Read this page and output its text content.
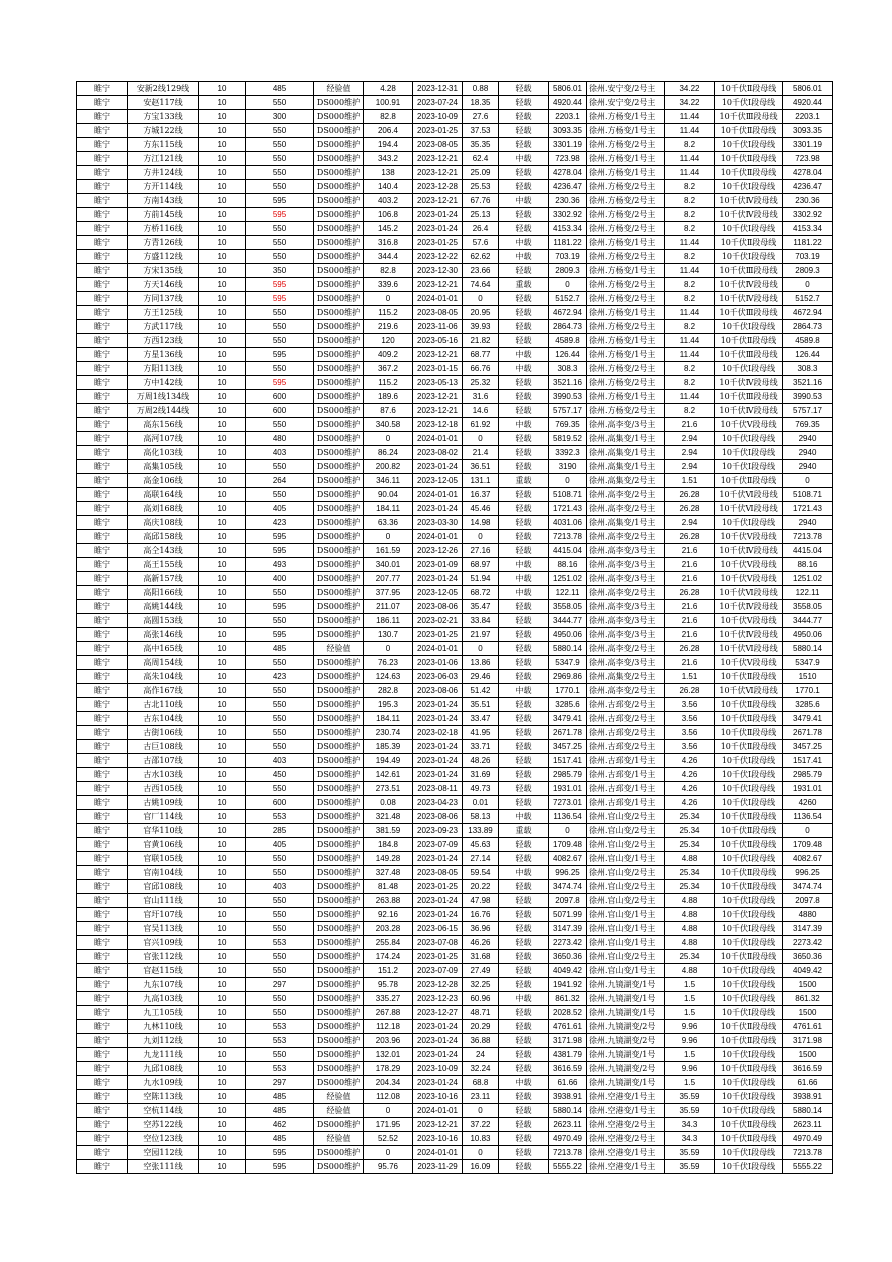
睢宁	安新2线129线	10	485	经验值	4.28	2023-12-31	0.88	轻载	5806.01	徐州.安宁变/2号主	34.22	10千伏Ⅱ段母线	5806.01
睢宁	安赵117线	10	550	DS000维护	100.91	2023-07-24	18.35	轻载	4920.44	徐州.安宁变/2号主	34.22	10千伏Ⅰ段母线	4920.44
睢宁	方宝133线	10	300	DS000维护	82.8	2023-10-09	27.6	轻载	2203.1	徐州.方杨变/1号主	11.44	10千伏Ⅲ段母线	2203.1
睢宁	方城122线	10	550	DS000维护	206.4	2023-01-25	37.53	轻载	3093.35	徐州.方杨变/1号主	11.44	10千伏Ⅱ段母线	3093.35
睢宁	方东115线	10	550	DS000维护	194.4	2023-08-05	35.35	轻载	3301.19	徐州.方杨变/2号主	8.2	10千伏Ⅰ段母线	3301.19
睢宁	方江121线	10	550	DS000维护	343.2	2023-12-21	62.4	中载	723.98	徐州.方杨变/1号主	11.44	10千伏Ⅱ段母线	723.98
睢宁	方井124线	10	550	DS000维护	138	2023-12-21	25.09	轻载	4278.04	徐州.方杨变/1号主	11.44	10千伏Ⅱ段母线	4278.04
睢宁	方开114线	10	550	DS000维护	140.4	2023-12-28	25.53	轻载	4236.47	徐州.方杨变/2号主	8.2	10千伏Ⅰ段母线	4236.47
睢宁	方南143线	10	595	DS000维护	403.2	2023-12-21	67.76	中载	230.36	徐州.方杨变/2号主	8.2	10千伏Ⅳ段母线	230.36
睢宁	方前145线	10	595	DS000维护	106.8	2023-01-24	25.13	轻载	3302.92	徐州.方杨变/2号主	8.2	10千伏Ⅳ段母线	3302.92
睢宁	方桥116线	10	550	DS000维护	145.2	2023-01-24	26.4	轻载	4153.34	徐州.方杨变/2号主	8.2	10千伏Ⅰ段母线	4153.34
睢宁	方青126线	10	550	DS000维护	316.8	2023-01-25	57.6	中载	1181.22	徐州.方杨变/1号主	11.44	10千伏Ⅱ段母线	1181.22
睢宁	方盛112线	10	550	DS000维护	344.4	2023-12-22	62.62	中载	703.19	徐州.方杨变/2号主	8.2	10千伏Ⅰ段母线	703.19
睢宁	方宋135线	10	350	DS000维护	82.8	2023-12-30	23.66	轻载	2809.3	徐州.方杨变/1号主	11.44	10千伏Ⅲ段母线	2809.3
睢宁	方天146线	10	595	DS000维护	339.6	2023-12-21	74.64	重载	0	徐州.方杨变/2号主	8.2	10千伏Ⅳ段母线	0
睢宁	方同137线	10	595	DS000维护	0	2024-01-01	0	轻载	5152.7	徐州.方杨变/2号主	8.2	10千伏Ⅳ段母线	5152.7
睢宁	方王125线	10	550	DS000维护	115.2	2023-08-05	20.95	轻载	4672.94	徐州.方杨变/1号主	11.44	10千伏Ⅲ段母线	4672.94
睢宁	方武117线	10	550	DS000维护	219.6	2023-11-06	39.93	轻载	2864.73	徐州.方杨变/2号主	8.2	10千伏Ⅰ段母线	2864.73
睢宁	方西123线	10	550	DS000维护	120	2023-05-16	21.82	轻载	4589.8	徐州.方杨变/1号主	11.44	10千伏Ⅱ段母线	4589.8
睢宁	方星136线	10	595	DS000维护	409.2	2023-12-21	68.77	中载	126.44	徐州.方杨变/1号主	11.44	10千伏Ⅲ段母线	126.44
睢宁	方阳113线	10	550	DS000维护	367.2	2023-01-15	66.76	中载	308.3	徐州.方杨变/2号主	8.2	10千伏Ⅰ段母线	308.3
睢宁	方中142线	10	595	DS000维护	115.2	2023-05-13	25.32	轻载	3521.16	徐州.方杨变/2号主	8.2	10千伏Ⅳ段母线	3521.16
睢宁	万周1线134线	10	600	DS000维护	189.6	2023-12-21	31.6	轻载	3990.53	徐州.方杨变/1号主	11.44	10千伏Ⅲ段母线	3990.53
睢宁	万周2线144线	10	600	DS000维护	87.6	2023-12-21	14.6	轻载	5757.17	徐州.方杨变/2号主	8.2	10千伏Ⅳ段母线	5757.17
睢宁	高东156线	10	550	DS000维护	340.58	2023-12-18	61.92	中载	769.35	徐州.高李变/3号主	21.6	10千伏Ⅴ段母线	769.35
睢宁	高河107线	10	480	DS000维护	0	2024-01-01	0	轻载	5819.52	徐州.高集变/1号主	2.94	10千伏Ⅰ段母线	2940
睢宁	高化103线	10	403	DS000维护	86.24	2023-08-02	21.4	轻载	3392.3	徐州.高集变/1号主	2.94	10千伏Ⅰ段母线	2940
睢宁	高集105线	10	550	DS000维护	200.82	2023-01-24	36.51	轻载	3190	徐州.高集变/1号主	2.94	10千伏Ⅰ段母线	2940
睢宁	高金106线	10	264	DS000维护	346.11	2023-12-05	131.1	重载	0	徐州.高集变/2号主	1.51	10千伏Ⅱ段母线	0
睢宁	高联164线	10	550	DS000维护	90.04	2024-01-01	16.37	轻载	5108.71	徐州.高李变/2号主	26.28	10千伏Ⅵ段母线	5108.71
睢宁	高刘168线	10	405	DS000维护	184.11	2023-01-24	45.46	轻载	1721.43	徐州.高李变/2号主	26.28	10千伏Ⅵ段母线	1721.43
睢宁	高庆108线	10	423	DS000维护	63.36	2023-03-30	14.98	轻载	4031.06	徐州.高集变/1号主	2.94	10千伏Ⅰ段母线	2940
睢宁	高邱158线	10	595	DS000维护	0	2024-01-01	0	轻载	7213.78	徐州.高李变/2号主	26.28	10千伏Ⅴ段母线	7213.78
睢宁	高仝143线	10	595	DS000维护	161.59	2023-12-26	27.16	轻载	4415.04	徐州.高李变/3号主	21.6	10千伏Ⅳ段母线	4415.04
睢宁	高王155线	10	493	DS000维护	340.01	2023-01-09	68.97	中载	88.16	徐州.高李变/3号主	21.6	10千伏Ⅴ段母线	88.16
睢宁	高新157线	10	400	DS000维护	207.77	2023-01-24	51.94	中载	1251.02	徐州.高李变/3号主	21.6	10千伏Ⅴ段母线	1251.02
睢宁	高阳166线	10	550	DS000维护	377.95	2023-12-05	68.72	中载	122.11	徐州.高李变/2号主	26.28	10千伏Ⅵ段母线	122.11
睢宁	高姚144线	10	595	DS000维护	211.07	2023-08-06	35.47	轻载	3558.05	徐州.高李变/3号主	21.6	10千伏Ⅳ段母线	3558.05
睢宁	高圆153线	10	550	DS000维护	186.11	2023-02-21	33.84	轻载	3444.77	徐州.高李变/3号主	21.6	10千伏Ⅴ段母线	3444.77
睢宁	高张146线	10	595	DS000维护	130.7	2023-01-25	21.97	轻载	4950.06	徐州.高李变/3号主	21.6	10千伏Ⅳ段母线	4950.06
睢宁	高中165线	10	485	经验值	0	2024-01-01	0	轻载	5880.14	徐州.高李变/2号主	26.28	10千伏Ⅵ段母线	5880.14
睢宁	高周154线	10	550	DS000维护	76.23	2023-01-06	13.86	轻载	5347.9	徐州.高李变/3号主	21.6	10千伏Ⅴ段母线	5347.9
睢宁	高朱104线	10	423	DS000维护	124.63	2023-06-03	29.46	轻载	2969.86	徐州.高集变/2号主	1.51	10千伏Ⅱ段母线	1510
睢宁	高作167线	10	550	DS000维护	282.8	2023-08-06	51.42	中载	1770.1	徐州.高李变/2号主	26.28	10千伏Ⅵ段母线	1770.1
睢宁	古北110线	10	550	DS000维护	195.3	2023-01-24	35.51	轻载	3285.6	徐州.古邳变/2号主	3.56	10千伏Ⅱ段母线	3285.6
睢宁	古东104线	10	550	DS000维护	184.11	2023-01-24	33.47	轻载	3479.41	徐州.古邳变/2号主	3.56	10千伏Ⅱ段母线	3479.41
睢宁	古街106线	10	550	DS000维护	230.74	2023-02-18	41.95	轻载	2671.78	徐州.古邳变/2号主	3.56	10千伏Ⅱ段母线	2671.78
睢宁	古巨108线	10	550	DS000维护	185.39	2023-01-24	33.71	轻载	3457.25	徐州.古邳变/2号主	3.56	10千伏Ⅱ段母线	3457.25
睢宁	古邵107线	10	403	DS000维护	194.49	2023-01-24	48.26	轻载	1517.41	徐州.古邳变/1号主	4.26	10千伏Ⅰ段母线	1517.41
睢宁	古水103线	10	450	DS000维护	142.61	2023-01-24	31.69	轻载	2985.79	徐州.古邳变/1号主	4.26	10千伏Ⅰ段母线	2985.79
睢宁	古西105线	10	550	DS000维护	273.51	2023-08-11	49.73	轻载	1931.01	徐州.古邳变/1号主	4.26	10千伏Ⅰ段母线	1931.01
睢宁	古姚109线	10	600	DS000维护	0.08	2023-04-23	0.01	轻载	7273.01	徐州.古邳变/1号主	4.26	10千伏Ⅰ段母线	4260
睢宁	官厂114线	10	553	DS000维护	321.48	2023-08-06	58.13	中载	1136.54	徐州.官山变/2号主	25.34	10千伏Ⅱ段母线	1136.54
睢宁	官华110线	10	285	DS000维护	381.59	2023-09-23	133.89	重载	0	徐州.官山变/2号主	25.34	10千伏Ⅱ段母线	0
睢宁	官黄106线	10	405	DS000维护	184.8	2023-07-09	45.63	轻载	1709.48	徐州.官山变/2号主	25.34	10千伏Ⅱ段母线	1709.48
睢宁	官联105线	10	550	DS000维护	149.28	2023-01-24	27.14	轻载	4082.67	徐州.官山变/1号主	4.88	10千伏Ⅰ段母线	4082.67
睢宁	官南104线	10	550	DS000维护	327.48	2023-08-05	59.54	中载	996.25	徐州.官山变/2号主	25.34	10千伏Ⅱ段母线	996.25
睢宁	官邱108线	10	403	DS000维护	81.48	2023-01-25	20.22	轻载	3474.74	徐州.官山变/2号主	25.34	10千伏Ⅱ段母线	3474.74
睢宁	官山111线	10	550	DS000维护	263.88	2023-01-24	47.98	轻载	2097.8	徐州.官山变/2号主	4.88	10千伏Ⅰ段母线	2097.8
睢宁	官圩107线	10	550	DS000维护	92.16	2023-01-24	16.76	轻载	5071.99	徐州.官山变/1号主	4.88	10千伏Ⅰ段母线	4880
睢宁	官吴113线	10	550	DS000维护	203.28	2023-06-15	36.96	轻载	3147.39	徐州.官山变/1号主	4.88	10千伏Ⅰ段母线	3147.39
睢宁	官兴109线	10	553	DS000维护	255.84	2023-07-08	46.26	轻载	2273.42	徐州.官山变/1号主	4.88	10千伏Ⅰ段母线	2273.42
睢宁	官张112线	10	550	DS000维护	174.24	2023-01-25	31.68	轻载	3650.36	徐州.官山变/2号主	25.34	10千伏Ⅱ段母线	3650.36
睢宁	官赵115线	10	550	DS000维护	151.2	2023-07-09	27.49	轻载	4049.42	徐州.官山变/1号主	4.88	10千伏Ⅰ段母线	4049.42
睢宁	九东107线	10	297	DS000维护	95.78	2023-12-28	32.25	轻载	1941.92	徐州.九镜湖变/1号	1.5	10千伏Ⅰ段母线	1500
睢宁	九高103线	10	550	DS000维护	335.27	2023-12-23	60.96	中载	861.32	徐州.九镜湖变/1号	1.5	10千伏Ⅰ段母线	861.32
睢宁	九工105线	10	550	DS000维护	267.88	2023-12-27	48.71	轻载	2028.52	徐州.九镜湖变/1号	1.5	10千伏Ⅰ段母线	1500
睢宁	九林110线	10	553	DS000维护	112.18	2023-01-24	20.29	轻载	4761.61	徐州.九镜湖变/2号	9.96	10千伏Ⅱ段母线	4761.61
睢宁	九刘112线	10	553	DS000维护	203.96	2023-01-24	36.88	轻载	3171.98	徐州.九镜湖变/2号	9.96	10千伏Ⅱ段母线	3171.98
睢宁	九龙111线	10	550	DS000维护	132.01	2023-01-24	24	轻载	4381.79	徐州.九镜湖变/1号	1.5	10千伏Ⅰ段母线	1500
睢宁	九邱108线	10	553	DS000维护	178.29	2023-10-09	32.24	轻载	3616.59	徐州.九镜湖变/2号	9.96	10千伏Ⅱ段母线	3616.59
睢宁	九水109线	10	297	DS000维护	204.34	2023-01-24	68.8	中载	61.66	徐州.九镜湖变/1号	1.5	10千伏Ⅰ段母线	61.66
睢宁	空陈113线	10	485	经验值	112.08	2023-10-16	23.11	轻载	3938.91	徐州.空港变/1号主	35.59	10千伏Ⅰ段母线	3938.91
睢宁	空杭114线	10	485	经验值	0	2024-01-01	0	轻载	5880.14	徐州.空港变/1号主	35.59	10千伏Ⅰ段母线	5880.14
睢宁	空苏122线	10	462	DS000维护	171.95	2023-12-21	37.22	轻载	2623.11	徐州.空港变/2号主	34.3	10千伏Ⅱ段母线	2623.11
睢宁	空位123线	10	485	经验值	52.52	2023-10-16	10.83	轻载	4970.49	徐州.空港变/2号主	34.3	10千伏Ⅱ段母线	4970.49
睢宁	空园112线	10	595	DS000维护	0	2024-01-01	0	轻载	7213.78	徐州.空港变/1号主	35.59	10千伏Ⅰ段母线	7213.78
睢宁	空张111线	10	595	DS000维护	95.76	2023-11-29	16.09	轻载	5555.22	徐州.空港变/1号主	35.59	10千伏Ⅰ段母线	5555.22
